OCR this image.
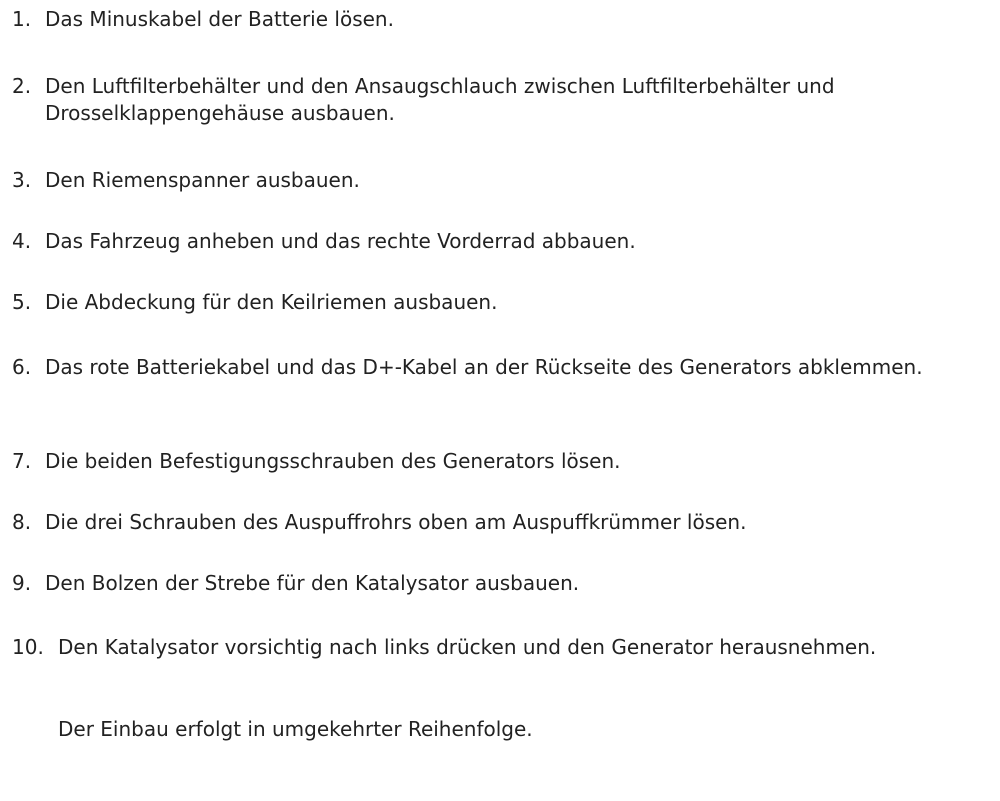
1. Das Minuskabel der Batterie lösen.
2. Den Luftfilterbehälter und den Ansaugschlauch zwischen Luftfilterbehälter und Drosselklappengehäuse ausbauen.
3. Den Riemenspanner ausbauen.
4. Das Fahrzeug anheben und das rechte Vorderrad abbauen.
5. Die Abdeckung für den Keilriemen ausbauen.
6. Das rote Batteriekabel und das D+-Kabel an der Rückseite des Generators abklemmen.
7. Die beiden Befestigungsschrauben des Generators lösen.
8. Die drei Schrauben des Auspuffrohrs oben am Auspuffkrümmer lösen.
9. Den Bolzen der Strebe für den Katalysator ausbauen.
10. Den Katalysator vorsichtig nach links drücken und den Generator herausnehmen.
Der Einbau erfolgt in umgekehrter Reihenfolge.
